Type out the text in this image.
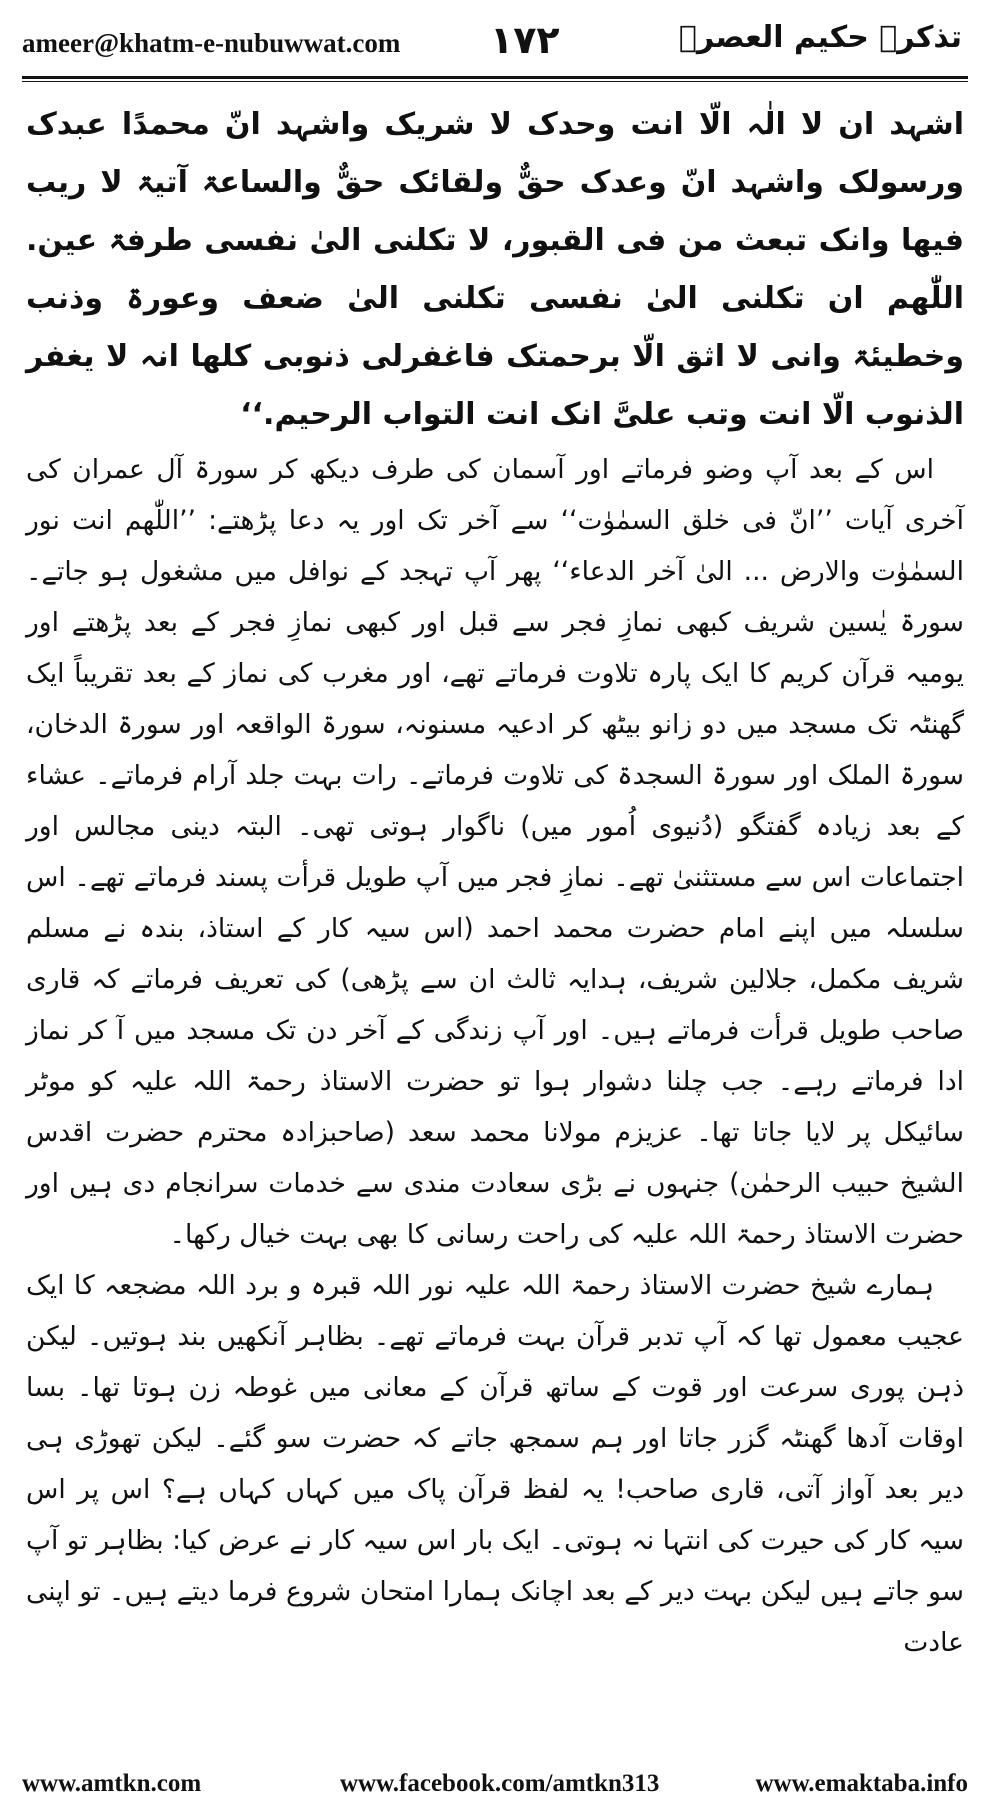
ameer@khatm-e-nubuwwat.com ۱۷۲	تذکرہ حکیم العصرؒ

اشہد ان لا الٰہ الّا انت وحدک لا شریک واشہد انّ محمدًا عبدک ورسولک واشہد انّ وعدک حقٌّ ولقائک حقٌّ والساعۃ آتیۃ لا ریب فیھا وانک تبعث من فی القبور، لا تکلنی الیٰ نفسی طرفۃ عین. اللّٰھم ان تکلنی الیٰ نفسی تکلنی الیٰ ضعف وعورۃ وذنب وخطیئۃ وانی لا اثق الّا برحمتک فاغفرلی ذنوبی کلھا انہ لا یغفر الذنوب الّا انت وتب علیَّ انک انت التواب الرحیم.‘‘

اس کے بعد آپ وضو فرماتے اور آسمان کی طرف دیکھ کر سورۃ آل عمران کی آخری آیات ’’انّ فی خلق السمٰوٰت‘‘ سے آخر تک اور یہ دعا پڑھتے: ’’اللّٰھم انت نور السمٰوٰت والارض ... الیٰ آخر الدعاء‘‘ پھر آپ تہجد کے نوافل میں مشغول ہو جاتے۔ سورۃ یٰسین شریف کبھی نمازِ فجر سے قبل اور کبھی نمازِ فجر کے بعد پڑھتے اور یومیہ قرآن کریم کا ایک پارہ تلاوت فرماتے تھے، اور مغرب کی نماز کے بعد تقریباً ایک گھنٹہ تک مسجد میں دو زانو بیٹھ کر ادعیہ مسنونہ، سورۃ الواقعہ اور سورۃ الدخان، سورۃ الملک اور سورۃ السجدۃ کی تلاوت فرماتے۔ رات بہت جلد آرام فرماتے۔ عشاء کے بعد زیادہ گفتگو (دُنیوی اُمور میں) ناگوار ہوتی تھی۔ البتہ دینی مجالس اور اجتماعات اس سے مستثنیٰ تھے۔ نمازِ فجر میں آپ طویل قرأت پسند فرماتے تھے۔ اس سلسلہ میں اپنے امام حضرت محمد احمد (اس سیہ کار کے استاذ، بندہ نے مسلم شریف مکمل، جلالین شریف، ہدایہ ثالث ان سے پڑھی) کی تعریف فرماتے کہ قاری صاحب طویل قرأت فرماتے ہیں۔ اور آپ زندگی کے آخر دن تک مسجد میں آ کر نماز ادا فرماتے رہے۔ جب چلنا دشوار ہوا تو حضرت الاستاذ رحمۃ اللہ علیہ کو موٹر سائیکل پر لایا جاتا تھا۔ عزیزم مولانا محمد سعد (صاحبزادہ محترم حضرت اقدس الشیخ حبیب الرحمٰن) جنہوں نے بڑی سعادت مندی سے خدمات سرانجام دی ہیں اور حضرت الاستاذ رحمۃ اللہ علیہ کی راحت رسانی کا بھی بہت خیال رکھا۔

ہمارے شیخ حضرت الاستاذ رحمۃ اللہ علیہ نور اللہ قبرہ و برد اللہ مضجعہ کا ایک عجیب معمول تھا کہ آپ تدبر قرآن بہت فرماتے تھے۔ بظاہر آنکھیں بند ہوتیں۔ لیکن ذہن پوری سرعت اور قوت کے ساتھ قرآن کے معانی میں غوطہ زن ہوتا تھا۔ بسا اوقات آدھا گھنٹہ گزر جاتا اور ہم سمجھ جاتے کہ حضرت سو گئے۔ لیکن تھوڑی ہی دیر بعد آواز آتی، قاری صاحب! یہ لفظ قرآن پاک میں کہاں کہاں ہے؟ اس پر اس سیہ کار کی حیرت کی انتہا نہ ہوتی۔ ایک بار اس سیہ کار نے عرض کیا: بظاہر تو آپ سو جاتے ہیں لیکن بہت دیر کے بعد اچانک ہمارا امتحان شروع فرما دیتے ہیں۔ تو اپنی عادت

www.amtkn.com	www.facebook.com/amtkn313	www.emaktaba.info
